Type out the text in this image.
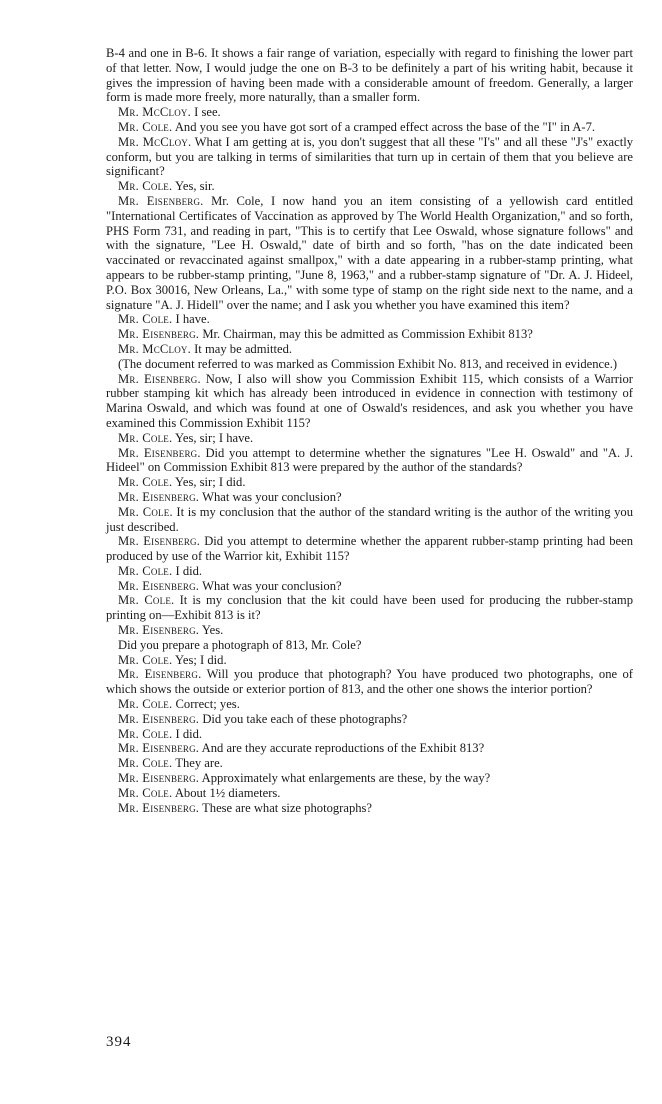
B-4 and one in B-6. It shows a fair range of variation, especially with regard to finishing the lower part of that letter. Now, I would judge the one on B-3 to be definitely a part of his writing habit, because it gives the impression of having been made with a considerable amount of freedom. Generally, a larger form is made more freely, more naturally, than a smaller form.

Mr. McCloy. I see.

Mr. Cole. And you see you have got sort of a cramped effect across the base of the "I" in A-7.

Mr. McCloy. What I am getting at is, you don't suggest that all these "I's" and all these "J's" exactly conform, but you are talking in terms of similarities that turn up in certain of them that you believe are significant?

Mr. Cole. Yes, sir.

Mr. Eisenberg. Mr. Cole, I now hand you an item consisting of a yellowish card entitled "International Certificates of Vaccination as approved by The World Health Organization," and so forth, PHS Form 731, and reading in part, "This is to certify that Lee Oswald, whose signature follows" and with the signature, "Lee H. Oswald," date of birth and so forth, "has on the date indicated been vaccinated or revaccinated against smallpox," with a date appearing in a rubber-stamp printing, what appears to be rubber-stamp printing, "June 8, 1963," and a rubber-stamp signature of "Dr. A. J. Hideel, P.O. Box 30016, New Orleans, La.," with some type of stamp on the right side next to the name, and a signature "A. J. Hidell" over the name; and I ask you whether you have examined this item?

Mr. Cole. I have.

Mr. Eisenberg. Mr. Chairman, may this be admitted as Commission Exhibit 813?

Mr. McCloy. It may be admitted.

(The document referred to was marked as Commission Exhibit No. 813, and received in evidence.)

Mr. Eisenberg. Now, I also will show you Commission Exhibit 115, which consists of a Warrior rubber stamping kit which has already been introduced in evidence in connection with testimony of Marina Oswald, and which was found at one of Oswald's residences, and ask you whether you have examined this Commission Exhibit 115?

Mr. Cole. Yes, sir; I have.

Mr. Eisenberg. Did you attempt to determine whether the signatures "Lee H. Oswald" and "A. J. Hideel" on Commission Exhibit 813 were prepared by the author of the standards?

Mr. Cole. Yes, sir; I did.

Mr. Eisenberg. What was your conclusion?

Mr. Cole. It is my conclusion that the author of the standard writing is the author of the writing you just described.

Mr. Eisenberg. Did you attempt to determine whether the apparent rubber-stamp printing had been produced by use of the Warrior kit, Exhibit 115?

Mr. Cole. I did.

Mr. Eisenberg. What was your conclusion?

Mr. Cole. It is my conclusion that the kit could have been used for producing the rubber-stamp printing on—Exhibit 813 is it?

Mr. Eisenberg. Yes.

Did you prepare a photograph of 813, Mr. Cole?

Mr. Cole. Yes; I did.

Mr. Eisenberg. Will you produce that photograph? You have produced two photographs, one of which shows the outside or exterior portion of 813, and the other one shows the interior portion?

Mr. Cole. Correct; yes.

Mr. Eisenberg. Did you take each of these photographs?

Mr. Cole. I did.

Mr. Eisenberg. And are they accurate reproductions of the Exhibit 813?

Mr. Cole. They are.

Mr. Eisenberg. Approximately what enlargements are these, by the way?

Mr. Cole. About 1½ diameters.

Mr. Eisenberg. These are what size photographs?

394
